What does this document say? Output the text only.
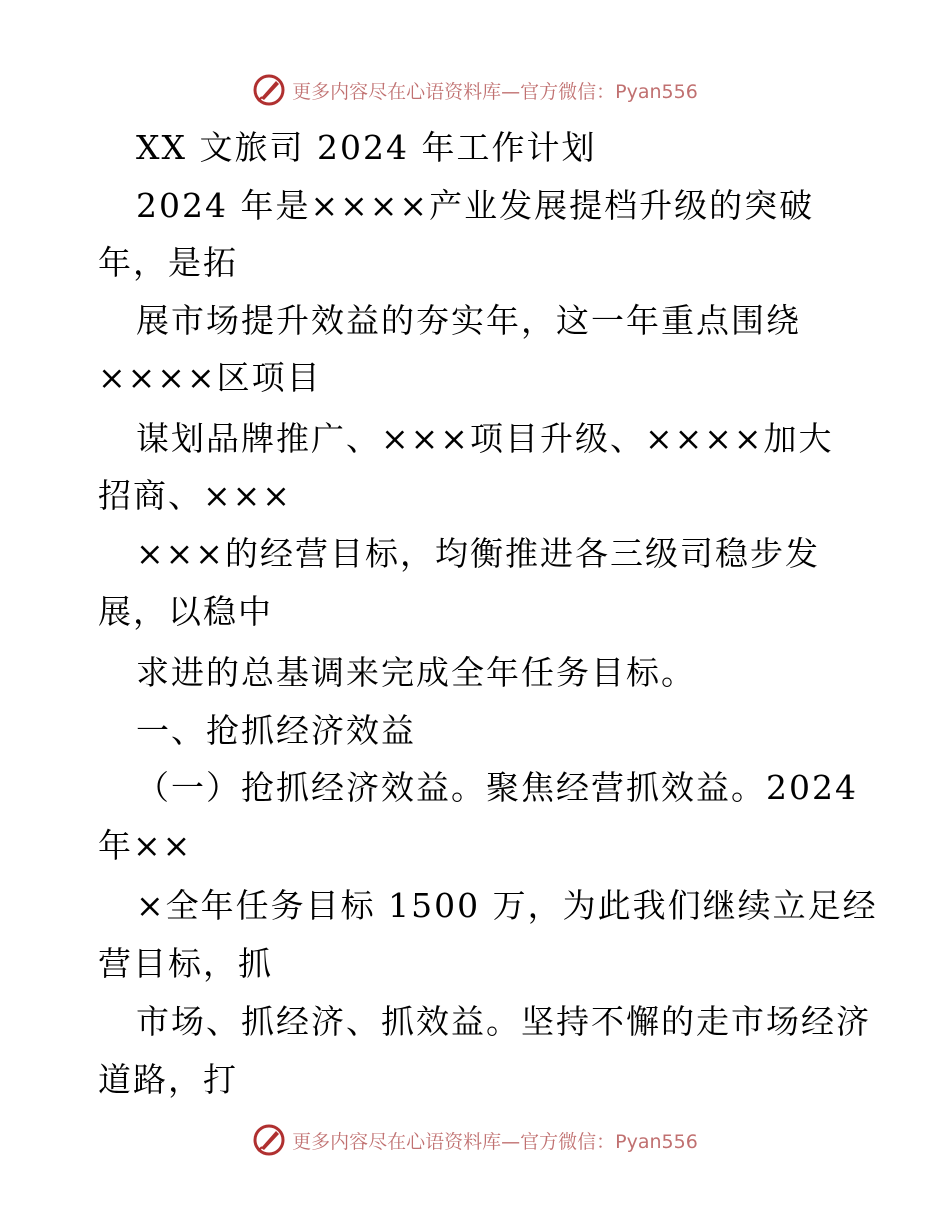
更多内容尽在心语资料库—官方微信：Pyan556
XX 文旅司 2024 年工作计划
2024 年是××××产业发展提档升级的突破
年，是拓
展市场提升效益的夯实年，这一年重点围绕
××××区项目
谋划品牌推广、×××项目升级、××××加大
招商、×××
×××的经营目标，均衡推进各三级司稳步发
展，以稳中
求进的总基调来完成全年任务目标。
一、抢抓经济效益
（一）抢抓经济效益。聚焦经营抓效益。2024
年××
×全年任务目标 1500 万，为此我们继续立足经
营目标，抓
市场、抓经济、抓效益。坚持不懈的走市场经济
道路，打
更多内容尽在心语资料库—官方微信：Pyan556
